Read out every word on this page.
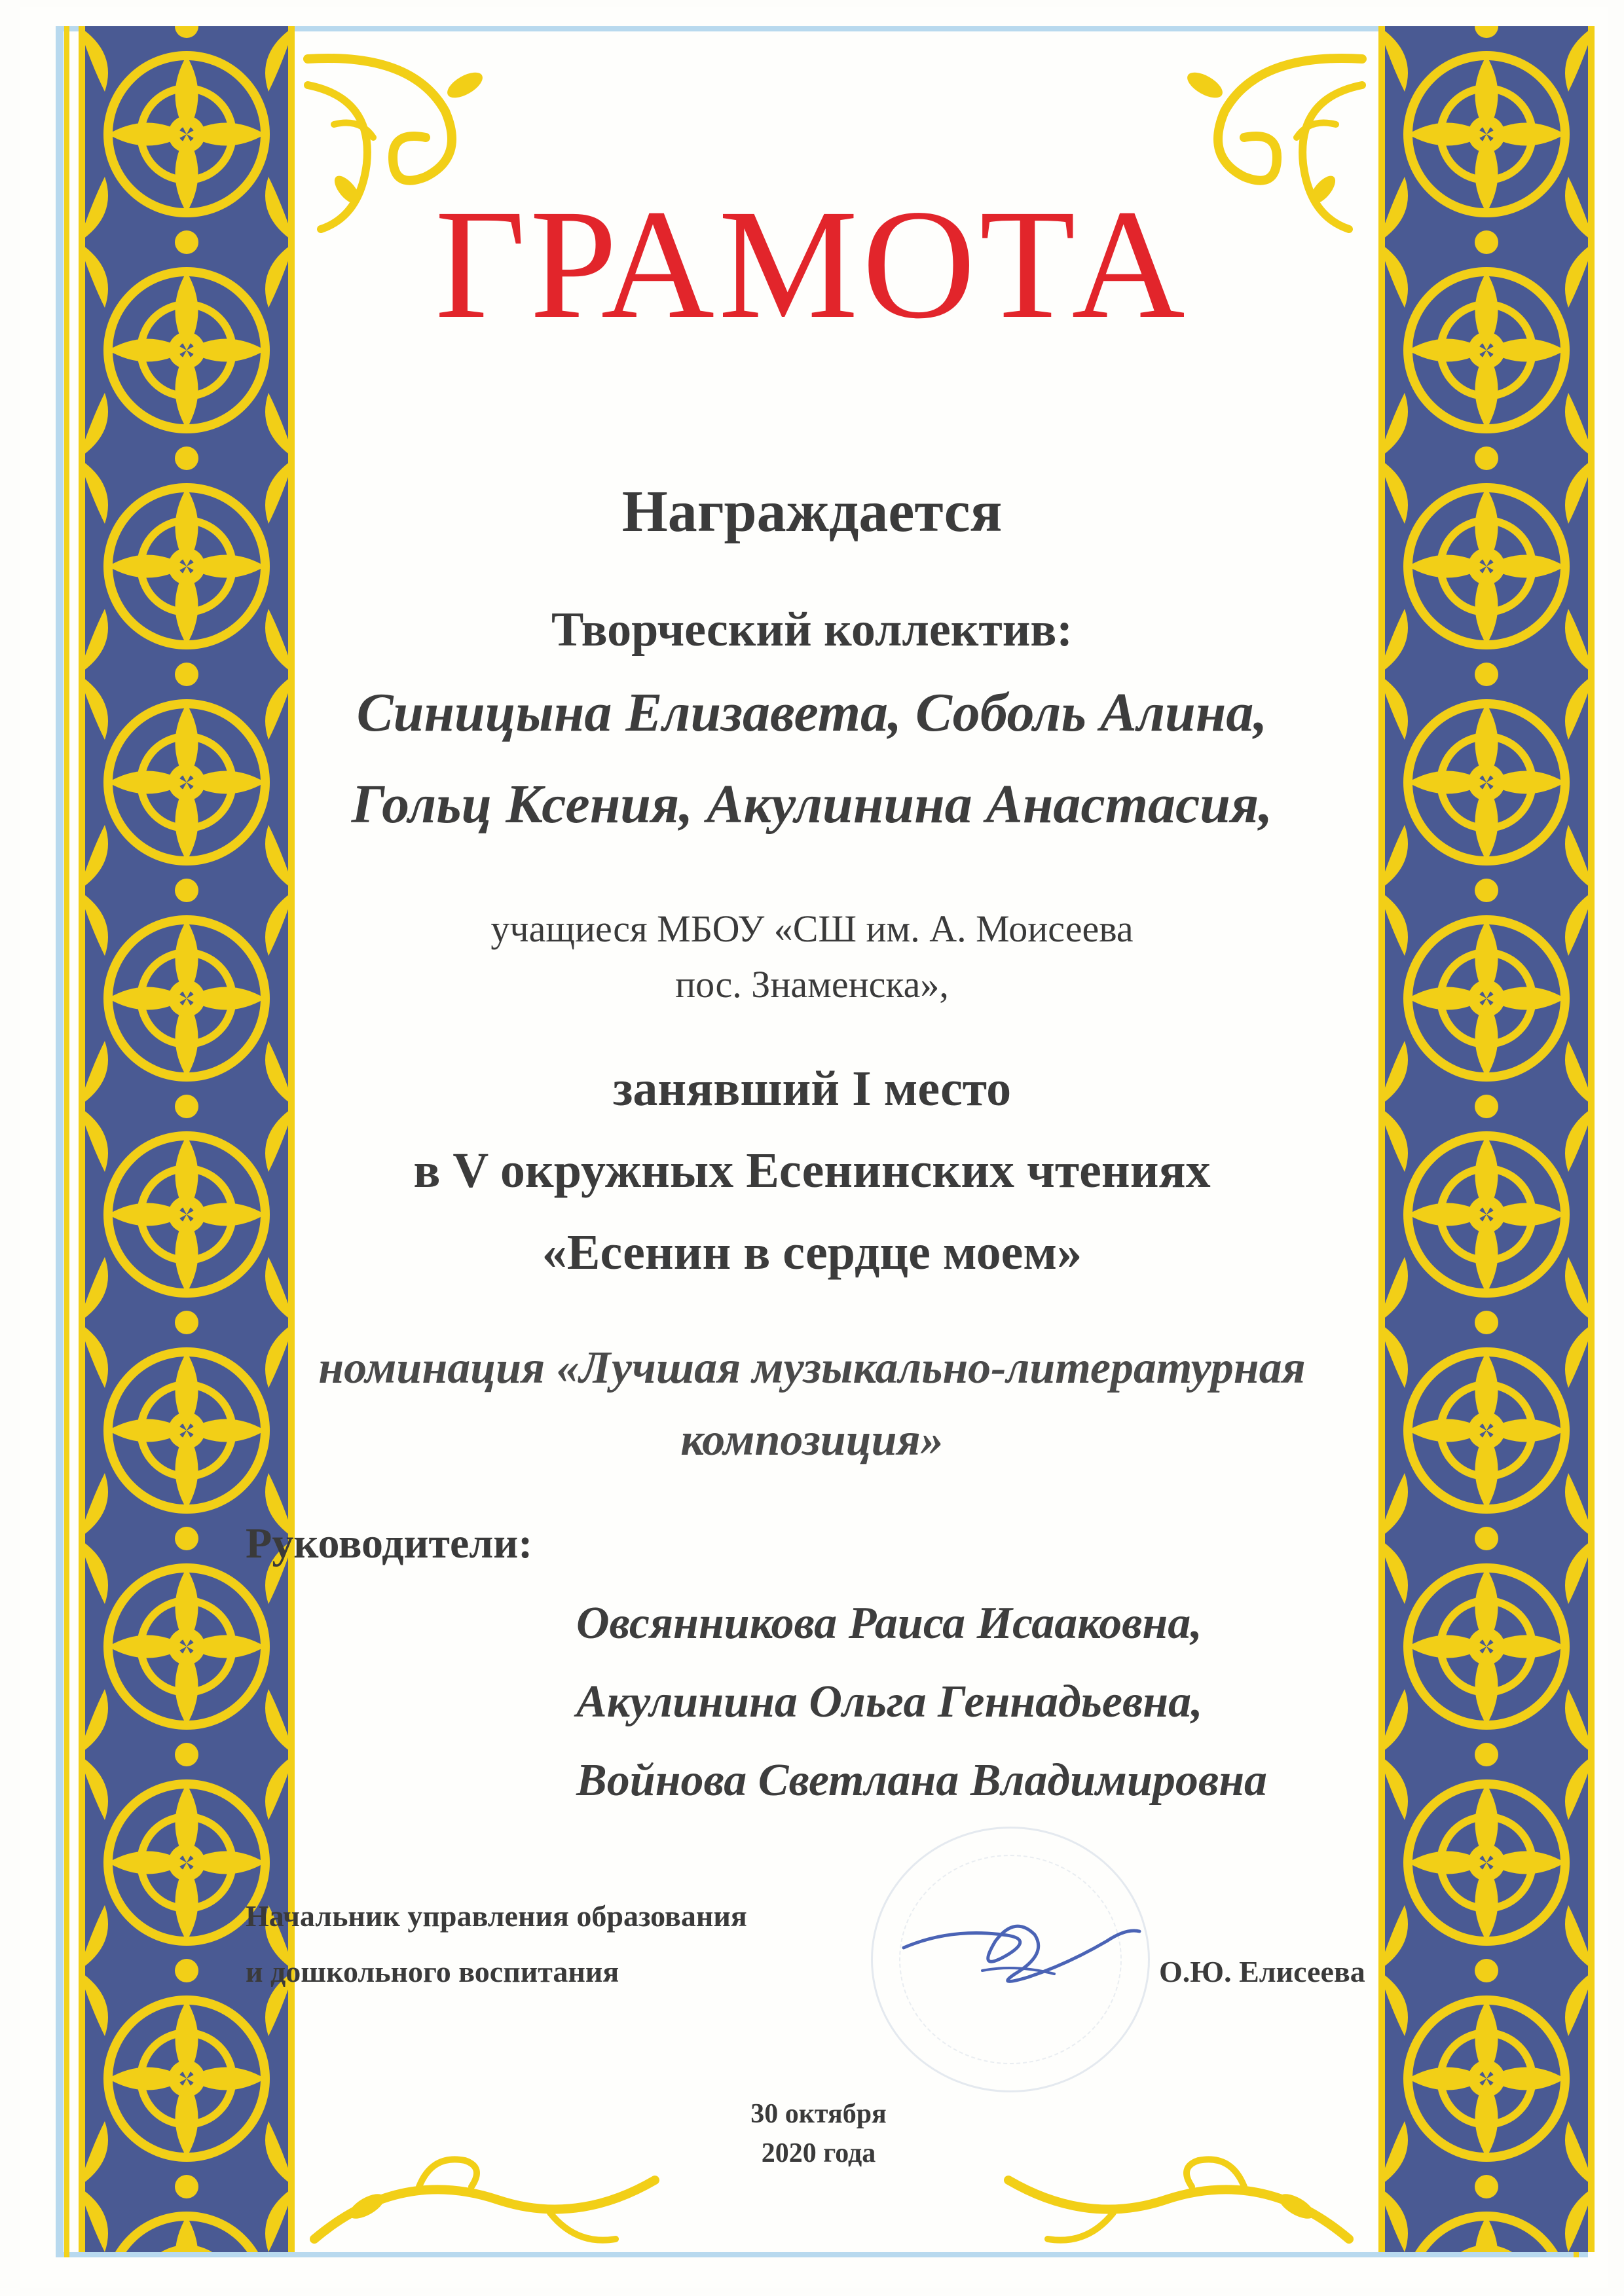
ГРАМОТА
Награждается
Творческий коллектив:
Синицына Елизавета, Соболь Алина,
Гольц Ксения, Акулинина Анастасия,
учащиеся МБОУ «СШ им. А. Моисеева
пос. Знаменска»,
занявший I место
в V окружных Есенинских чтениях
«Есенин в сердце моем»
номинация «Лучшая музыкально-литературная
композиция»
Руководители:
Овсянникова Раиса Исааковна,
Акулинина Ольга Геннадьевна,
Войнова Светлана Владимировна
Начальник управления образования
и дошкольного воспитания	О.Ю. Елисеева
30 октября
2020 года
